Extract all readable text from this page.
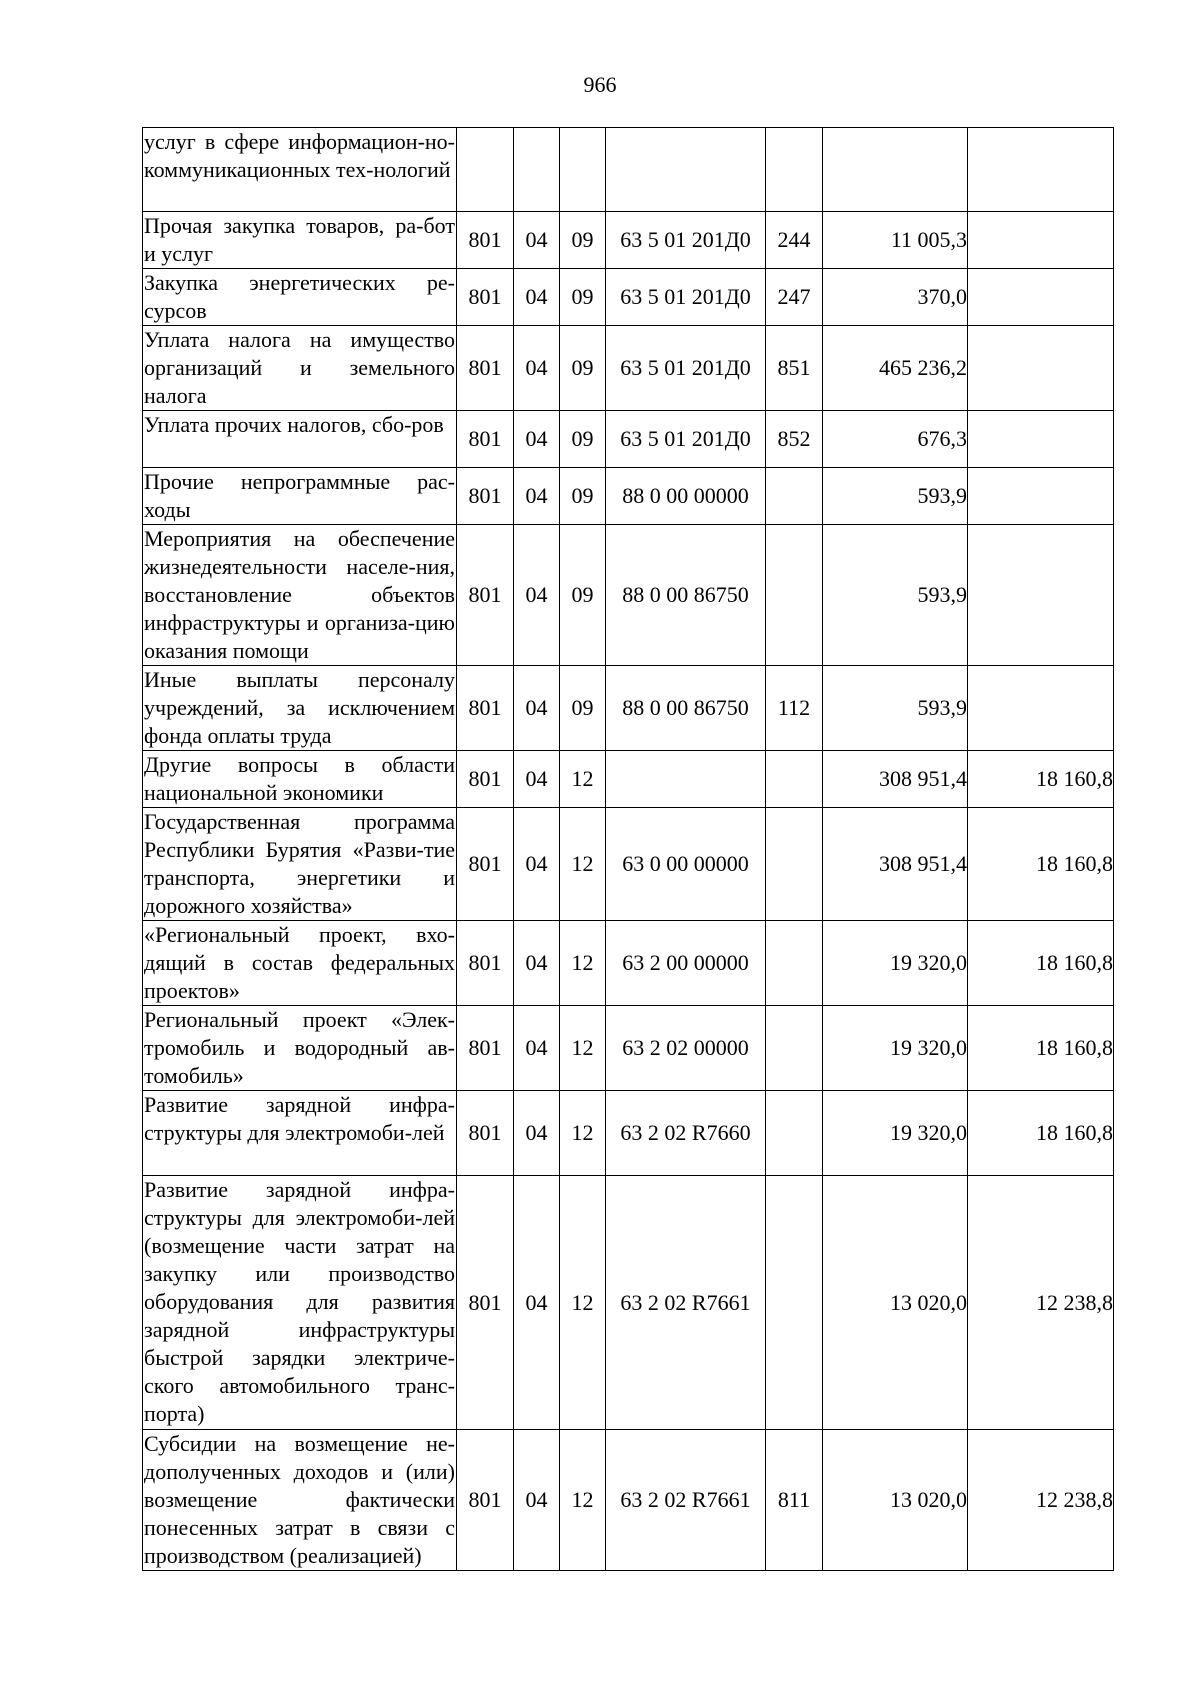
966
услуг в сфере информацион-но-коммуникационных тех-нологий							
Прочая закупка товаров, ра-бот и услуг	801	04	09	63 5 01 201Д0	244	11 005,3	
Закупка энергетических ре-сурсов	801	04	09	63 5 01 201Д0	247	370,0	
Уплата налога на имущество организаций и земельного налога	801	04	09	63 5 01 201Д0	851	465 236,2	
Уплата прочих налогов, сбо-ров	801	04	09	63 5 01 201Д0	852	676,3	
Прочие непрограммные рас-ходы	801	04	09	88 0 00 00000		593,9	
Мероприятия на обеспечение жизнедеятельности населе-ния, восстановление объектов инфраструктуры и организа-цию оказания помощи	801	04	09	88 0 00 86750		593,9	
Иные выплаты персоналу учреждений, за исключением фонда оплаты труда	801	04	09	88 0 00 86750	112	593,9	
Другие вопросы в области национальной экономики	801	04	12			308 951,4	18 160,8
Государственная программа Республики Бурятия «Разви-тие транспорта, энергетики и дорожного хозяйства»	801	04	12	63 0 00 00000		308 951,4	18 160,8
«Региональный проект, вхо-дящий в состав федеральных проектов»	801	04	12	63 2 00 00000		19 320,0	18 160,8
Региональный проект «Элек-тромобиль и водородный ав-томобиль»	801	04	12	63 2 02 00000		19 320,0	18 160,8
Развитие зарядной инфра-структуры для электромоби-лей	801	04	12	63 2 02 R7660		19 320,0	18 160,8
Развитие зарядной инфра-структуры для электромоби-лей (возмещение части затрат на закупку или производство оборудования для развития зарядной инфраструктуры быстрой зарядки электриче-ского автомобильного транс-порта)	801	04	12	63 2 02 R7661		13 020,0	12 238,8
Субсидии на возмещение не-дополученных доходов и (или) возмещение фактически понесенных затрат в связи с производством (реализацией)	801	04	12	63 2 02 R7661	811	13 020,0	12 238,8
